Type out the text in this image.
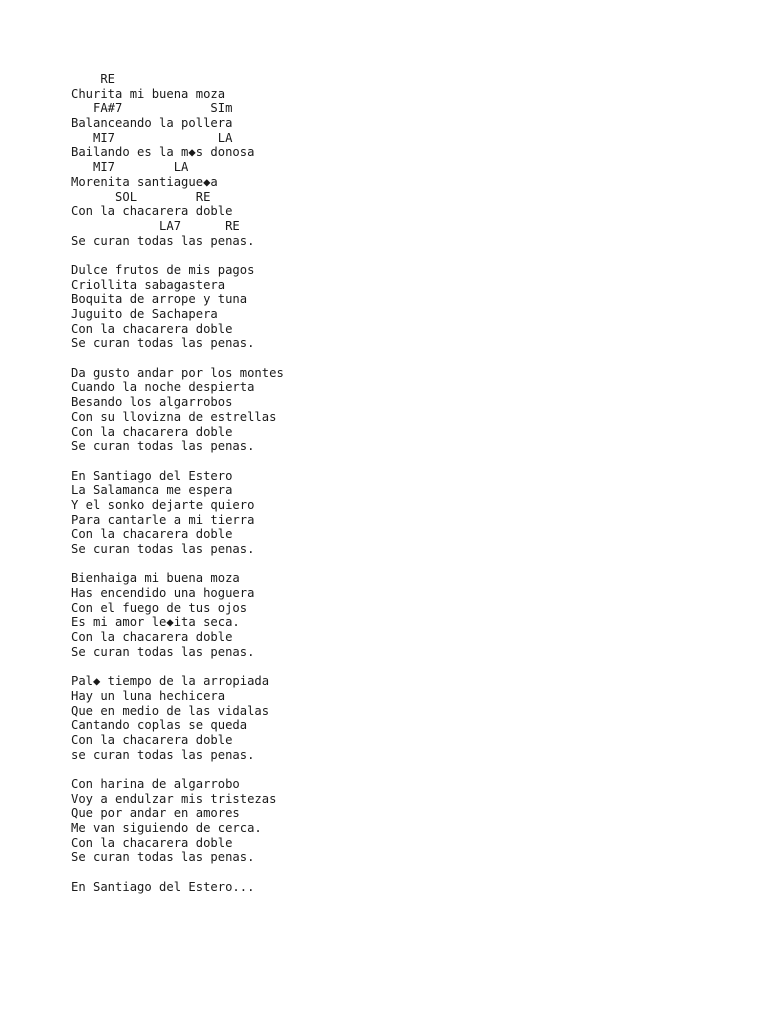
RE
Churita mi buena moza
FA#7            SIm
Balanceando la pollera
MI7              LA
Bailando es la m◆s donosa
MI7        LA
Morenita santiague◆a
SOL        RE
Con la chacarera doble
LA7      RE
Se curan todas las penas.
Dulce frutos de mis pagos
Criollita sabagastera
Boquita de arrope y tuna
Juguito de Sachapera
Con la chacarera doble
Se curan todas las penas.
Da gusto andar por los montes
Cuando la noche despierta
Besando los algarrobos
Con su llovizna de estrellas
Con la chacarera doble
Se curan todas las penas.
En Santiago del Estero
La Salamanca me espera
Y el sonko dejarte quiero
Para cantarle a mi tierra
Con la chacarera doble
Se curan todas las penas.
Bienhaiga mi buena moza
Has encendido una hoguera
Con el fuego de tus ojos
Es mi amor le◆ita seca.
Con la chacarera doble
Se curan todas las penas.
Pal◆ tiempo de la arropiada
Hay un luna hechicera
Que en medio de las vidalas
Cantando coplas se queda
Con la chacarera doble
se curan todas las penas.
Con harina de algarrobo
Voy a endulzar mis tristezas
Que por andar en amores
Me van siguiendo de cerca.
Con la chacarera doble
Se curan todas las penas.
En Santiago del Estero...
